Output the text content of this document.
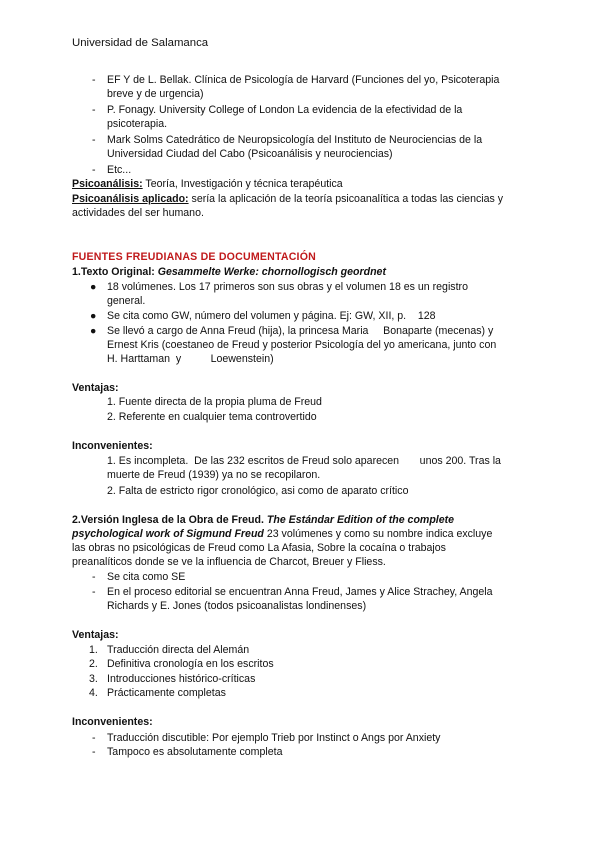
Universidad de Salamanca
- EF Y de L. Bellak. Clínica de Psicología de Harvard (Funciones del yo, Psicoterapia
breve y de urgencia)
- P. Fonagy. University College of London La evidencia de la efectividad de la
psicoterapia.
- Mark Solms Catedrático de Neuropsicología del Instituto de Neurociencias de la
Universidad Ciudad del Cabo (Psicoanálisis y neurociencias)
- Etc...
Psicoanálisis: Teoría, Investigación y técnica terapéutica
Psicoanálisis aplicado: sería la aplicación de la teoría psicoanalítica a todas las ciencias y
actividades del ser humano.
FUENTES FREUDIANAS DE DOCUMENTACIÓN
1.Texto Original: Gesammelte Werke: chornollogisch geordnet
● 18 volúmenes. Los 17 primeros son sus obras y el volumen 18 es un registro
general.
● Se cita como GW, número del volumen y página. Ej: GW, XII, p.    128
● Se llevó a cargo de Anna Freud (hija), la princesa Maria     Bonaparte (mecenas) y
Ernest Kris (coestaneo de Freud y posterior Psicología del yo americana, junto con
H. Harttaman  y          Loewenstein)
Ventajas:
1. Fuente directa de la propia pluma de Freud
2. Referente en cualquier tema controvertido
Inconvenientes:
1. Es incompleta.  De las 232 escritos de Freud solo aparecen       unos 200. Tras la
muerte de Freud (1939) ya no se recopilaron.
2. Falta de estricto rigor cronológico, asi como de aparato crítico
2.Versión Inglesa de la Obra de Freud. The Estándar Edition of the complete
psychological work of Sigmund Freud 23 volúmenes y como su nombre indica excluye
las obras no psicológicas de Freud como La Afasia, Sobre la cocaína o trabajos
preanalíticos donde se ve la influencia de Charcot, Breuer y Fliess.
- Se cita como SE
- En el proceso editorial se encuentran Anna Freud, James y Alice Strachey, Angela
Richards y E. Jones (todos psicoanalistas londinenses)
Ventajas:
1. Traducción directa del Alemán
2. Definitiva cronología en los escritos
3. Introducciones histórico-críticas
4. Prácticamente completas
Inconvenientes:
- Traducción discutible: Por ejemplo Trieb por Instinct o Angs por Anxiety
- Tampoco es absolutamente completa
